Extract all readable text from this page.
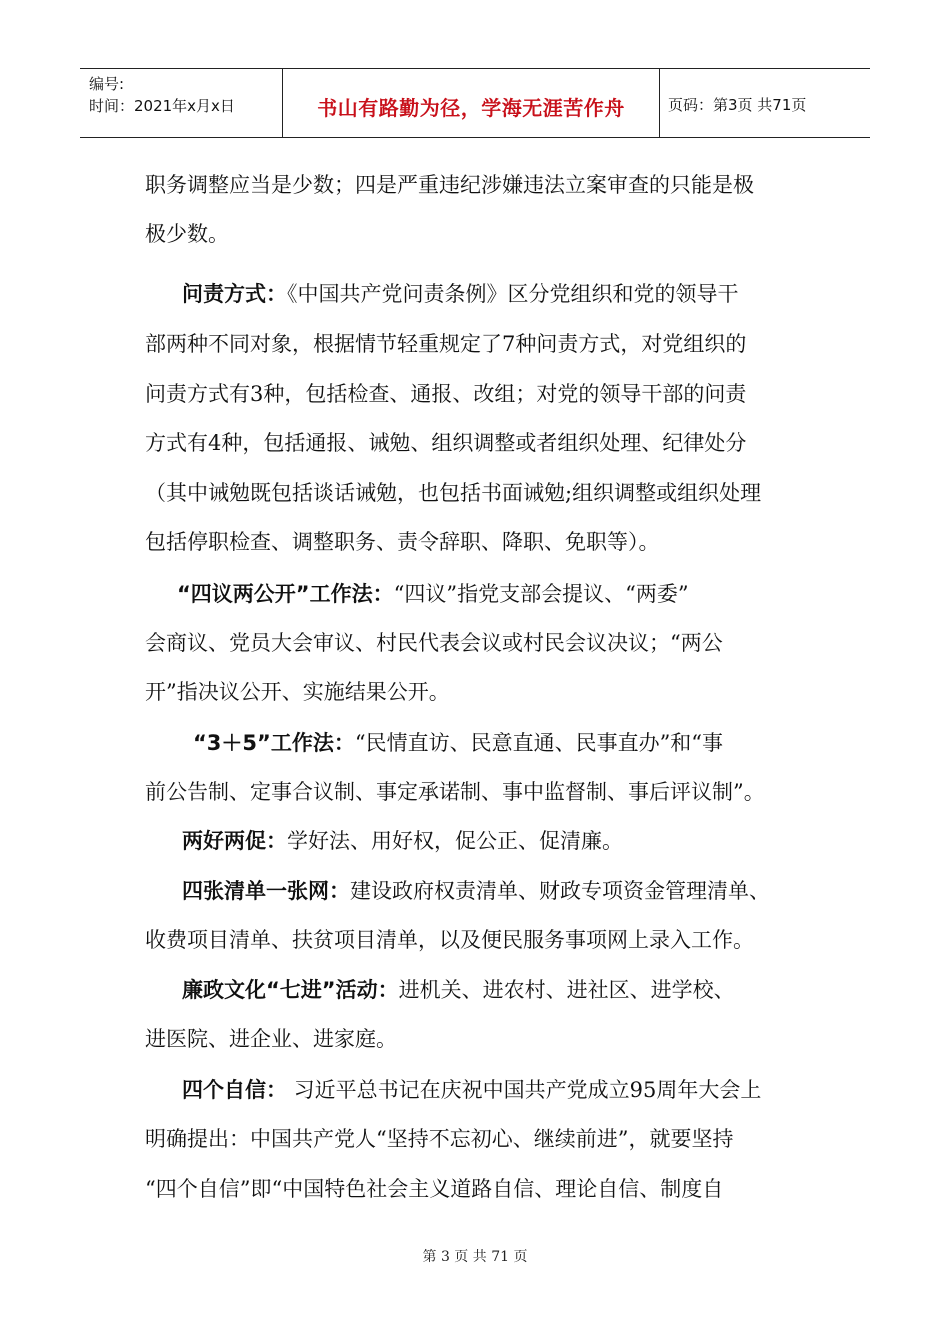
编号:
时间：2021年x月x日	书山有路勤为径，学海无涯苦作舟	页码：第3页 共71页
职务调整应当是少数；四是严重违纪涉嫌违法立案审查的只能是极
极少数。
问责方式：《中国共产党问责条例》区分党组织和党的领导干
部两种不同对象，根据情节轻重规定了7种问责方式，对党组织的
问责方式有3种，包括检查、通报、改组；对党的领导干部的问责
方式有4种，包括通报、诫勉、组织调整或者组织处理、纪律处分
（其中诫勉既包括谈话诫勉，也包括书面诫勉;组织调整或组织处理
包括停职检查、调整职务、责令辞职、降职、免职等）。
“四议两公开”工作法：“四议”指党支部会提议、“两委”
会商议、党员大会审议、村民代表会议或村民会议决议；“两公
开”指决议公开、实施结果公开。
“3＋5”工作法：“民情直访、民意直通、民事直办”和“事
前公告制、定事合议制、事定承诺制、事中监督制、事后评议制”。
两好两促：学好法、用好权，促公正、促清廉。
四张清单一张网：建设政府权责清单、财政专项资金管理清单、
收费项目清单、扶贫项目清单，以及便民服务事项网上录入工作。
廉政文化“七进”活动：进机关、进农村、进社区、进学校、
进医院、进企业、进家庭。
四个自信： 习近平总书记在庆祝中国共产党成立95周年大会上
明确提出：中国共产党人“坚持不忘初心、继续前进”，就要坚持
“四个自信”即“中国特色社会主义道路自信、理论自信、制度自
第 3 页 共 71 页
